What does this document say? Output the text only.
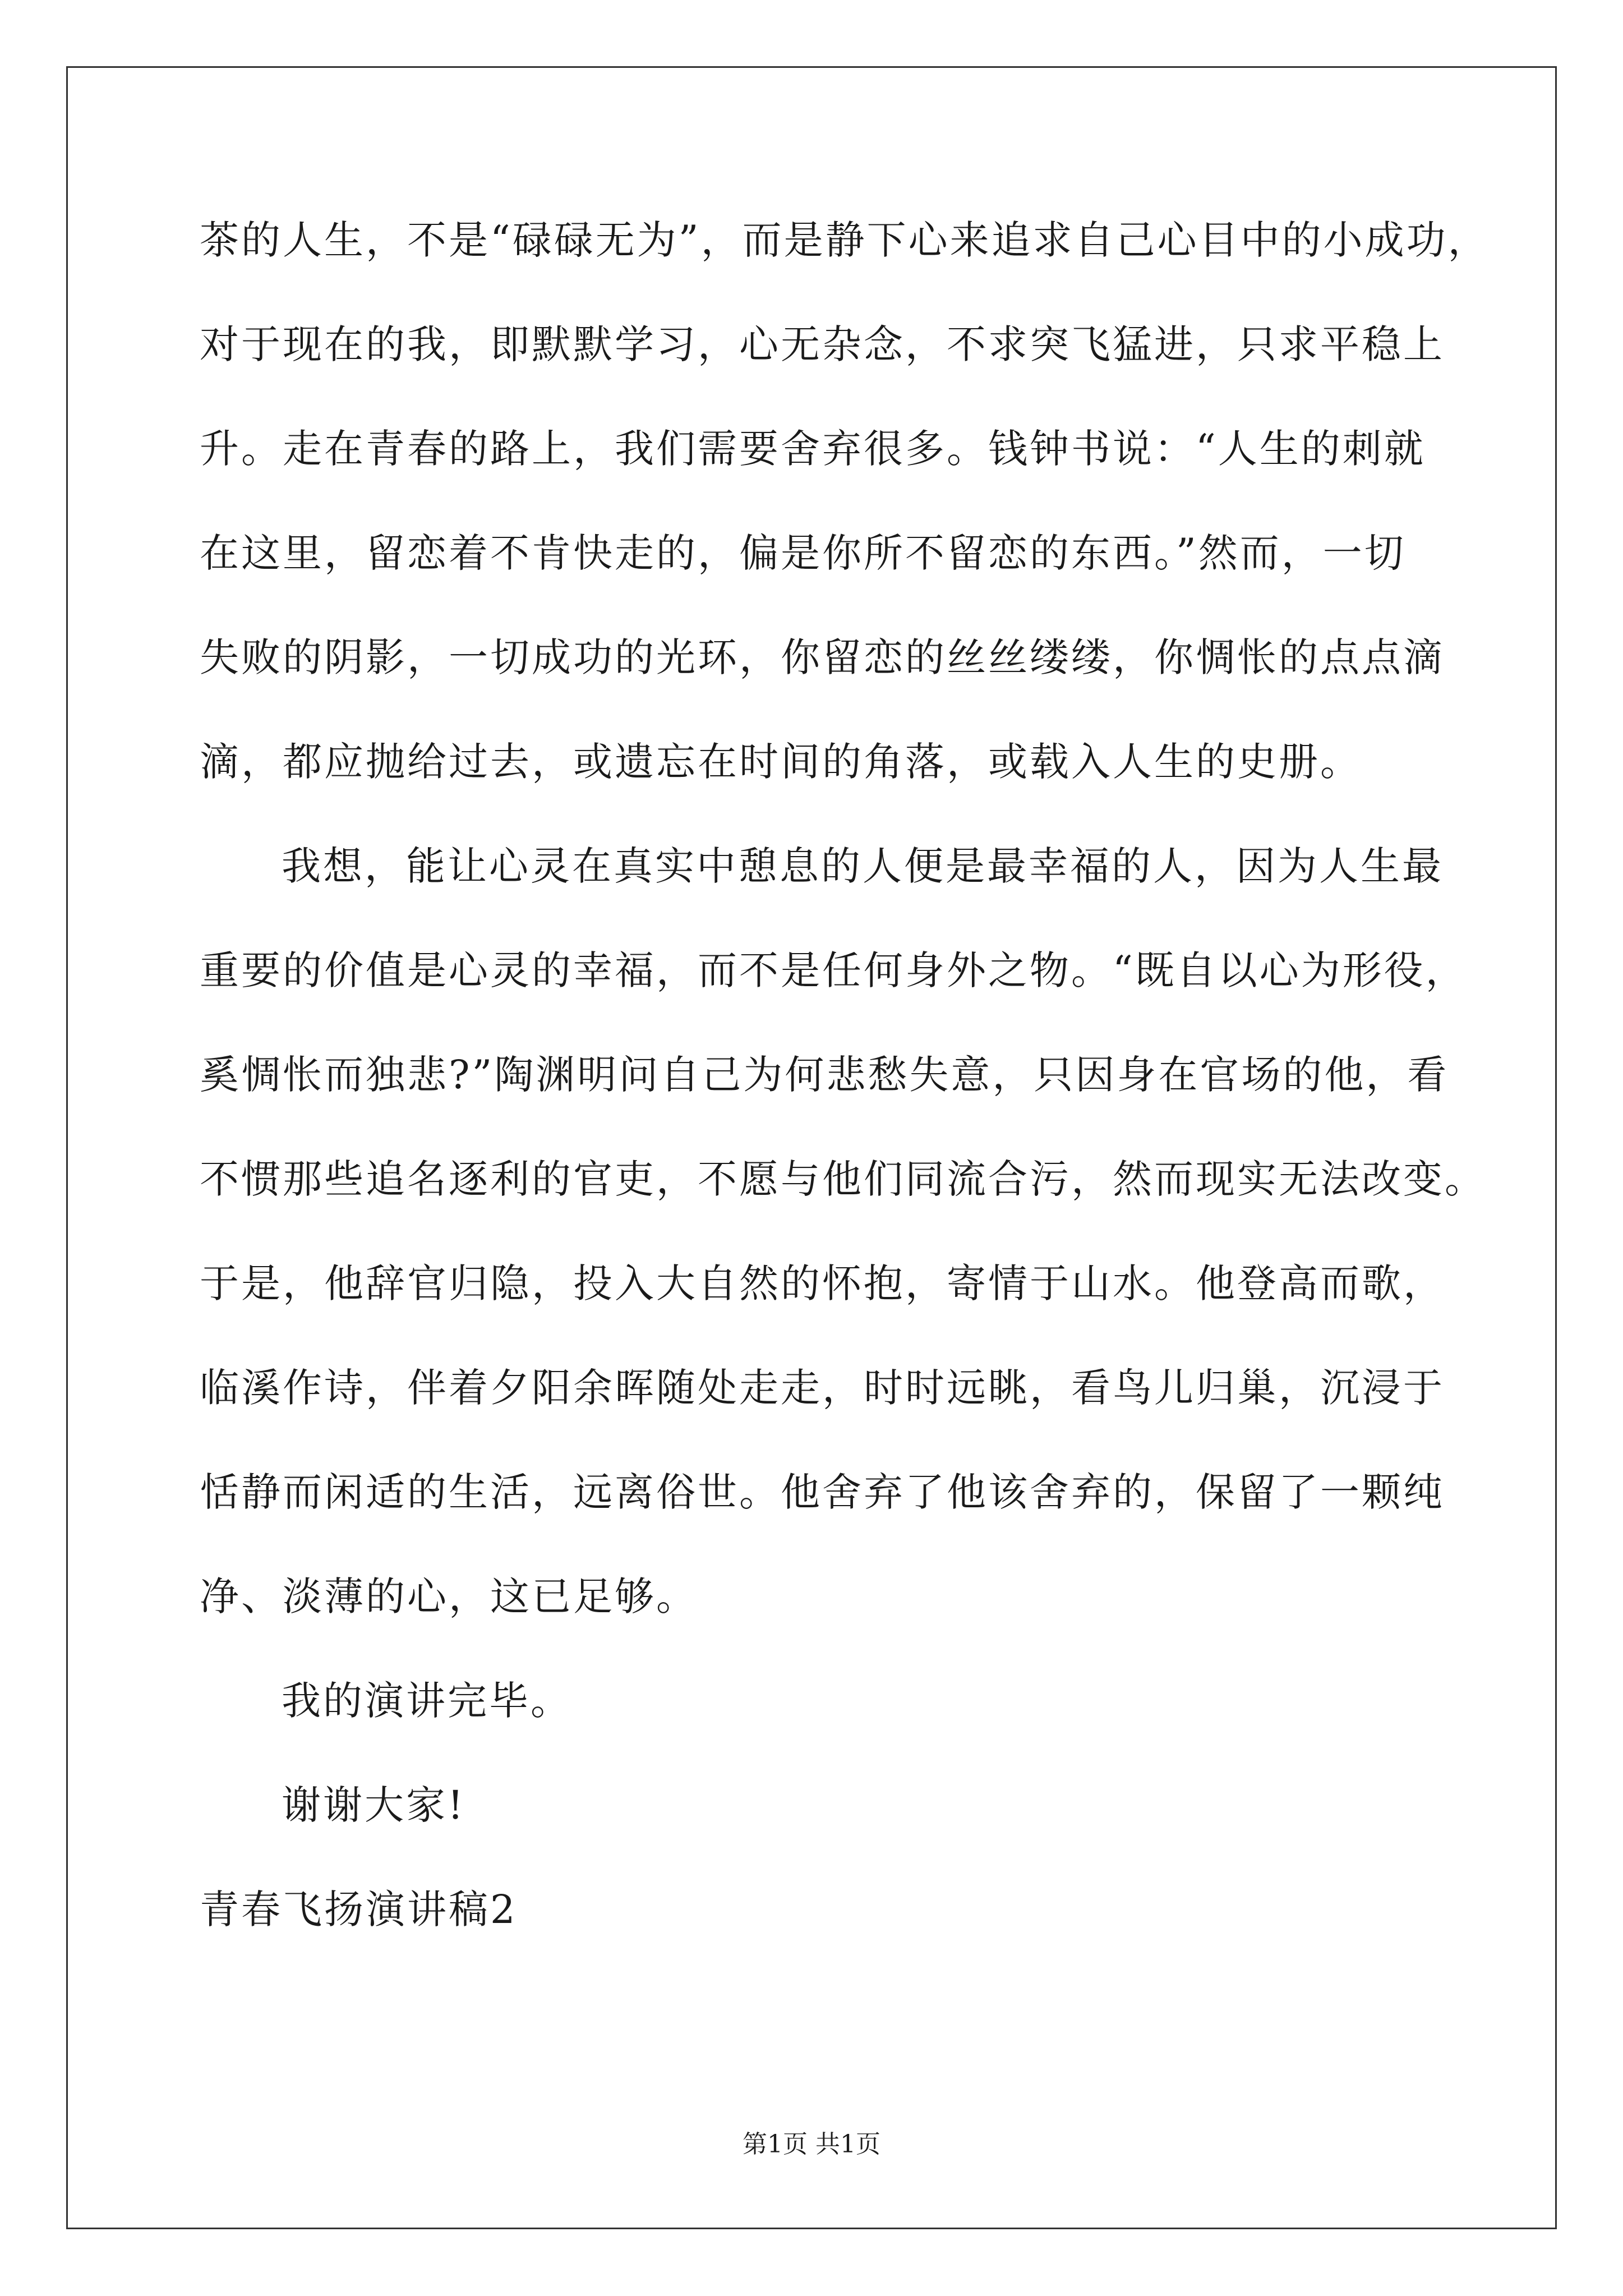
茶的人生，不是“碌碌无为”，而是静下心来追求自己心目中的小成功，
对于现在的我，即默默学习，心无杂念，不求突飞猛进，只求平稳上
升。走在青春的路上，我们需要舍弃很多。钱钟书说：“人生的刺就
在这里，留恋着不肯快走的，偏是你所不留恋的东西。”然而，一切
失败的阴影，一切成功的光环，你留恋的丝丝缕缕，你惆怅的点点滴
滴，都应抛给过去，或遗忘在时间的角落，或载入人生的史册。
我想，能让心灵在真实中憩息的人便是最幸福的人，因为人生最
重要的价值是心灵的幸福，而不是任何身外之物。“既自以心为形役，
奚惆怅而独悲?”陶渊明问自己为何悲愁失意，只因身在官场的他，看
不惯那些追名逐利的官吏，不愿与他们同流合污，然而现实无法改变。
于是，他辞官归隐，投入大自然的怀抱，寄情于山水。他登高而歌，
临溪作诗，伴着夕阳余晖随处走走，时时远眺，看鸟儿归巢，沉浸于
恬静而闲适的生活，远离俗世。他舍弃了他该舍弃的，保留了一颗纯
净、淡薄的心，这已足够。
我的演讲完毕。
谢谢大家!
青春飞扬演讲稿2
第1页 共1页
